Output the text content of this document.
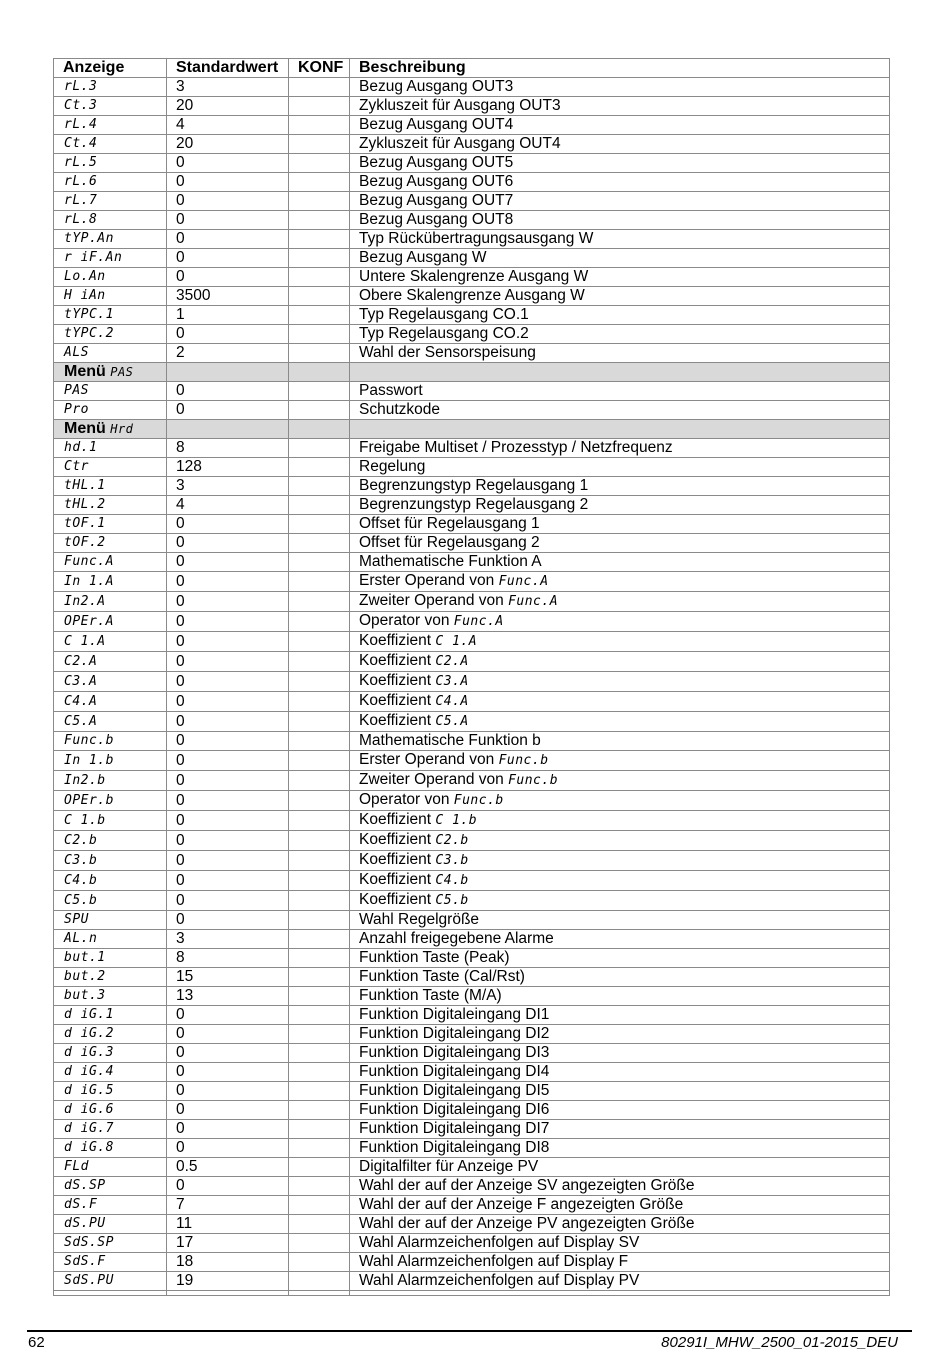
Anzeige	Standardwert	KONF	Beschreibung
rL.3	3		Bezug Ausgang OUT3
Ct.3	20		Zykluszeit für Ausgang OUT3
rL.4	4		Bezug Ausgang OUT4
Ct.4	20		Zykluszeit für Ausgang OUT4
rL.5	0		Bezug Ausgang OUT5
rL.6	0		Bezug Ausgang OUT6
rL.7	0		Bezug Ausgang OUT7
rL.8	0		Bezug Ausgang OUT8
tYP.An	0		Typ Rückübertragungsausgang W
r iF.An	0		Bezug Ausgang W
Lo.An	0		Untere Skalengrenze Ausgang W
H iAn	3500		Obere Skalengrenze Ausgang W
tYPC.1	1		Typ Regelausgang CO.1
tYPC.2	0		Typ Regelausgang CO.2
ALS	2		Wahl der Sensorspeisung
Menü PAS			
PAS	0		Passwort
Pro	0		Schutzkode
Menü Hrd			
hd.1	8		Freigabe Multiset / Prozesstyp / Netzfrequenz
Ctr	128		Regelung
tHL.1	3		Begrenzungstyp Regelausgang 1
tHL.2	4		Begrenzungstyp Regelausgang 2
tOF.1	0		Offset für Regelausgang 1
tOF.2	0		Offset für Regelausgang 2
Func.A	0		Mathematische Funktion A
In 1.A	0		Erster Operand von Func.A
In2.A	0		Zweiter Operand von Func.A
OPEr.A	0		Operator von Func.A
C 1.A	0		Koeffizient C 1.A
C2.A	0		Koeffizient C2.A
C3.A	0		Koeffizient C3.A
C4.A	0		Koeffizient C4.A
C5.A	0		Koeffizient C5.A
Func.b	0		Mathematische Funktion b
In 1.b	0		Erster Operand von Func.b
In2.b	0		Zweiter Operand von Func.b
OPEr.b	0		Operator von Func.b
C 1.b	0		Koeffizient C 1.b
C2.b	0		Koeffizient C2.b
C3.b	0		Koeffizient C3.b
C4.b	0		Koeffizient C4.b
C5.b	0		Koeffizient C5.b
SPU	0		Wahl Regelgröße
AL.n	3		Anzahl freigegebene Alarme
but.1	8		Funktion Taste (Peak)
but.2	15		Funktion Taste (Cal/Rst)
but.3	13		Funktion Taste (M/A)
d iG.1	0		Funktion Digitaleingang DI1
d iG.2	0		Funktion Digitaleingang DI2
d iG.3	0		Funktion Digitaleingang DI3
d iG.4	0		Funktion Digitaleingang DI4
d iG.5	0		Funktion Digitaleingang DI5
d iG.6	0		Funktion Digitaleingang DI6
d iG.7	0		Funktion Digitaleingang DI7
d iG.8	0		Funktion Digitaleingang DI8
FLd	0.5		Digitalfilter für Anzeige PV
dS.SP	0		Wahl der auf der Anzeige SV angezeigten Größe
dS.F	7		Wahl der auf der Anzeige F angezeigten Größe
dS.PU	11		Wahl der auf der Anzeige PV angezeigten Größe
SdS.SP	17		Wahl Alarmzeichenfolgen auf Display SV
SdS.F	18		Wahl Alarmzeichenfolgen auf Display F
SdS.PU	19		Wahl Alarmzeichenfolgen auf Display PV

62	80291I_MHW_2500_01-2015_DEU
